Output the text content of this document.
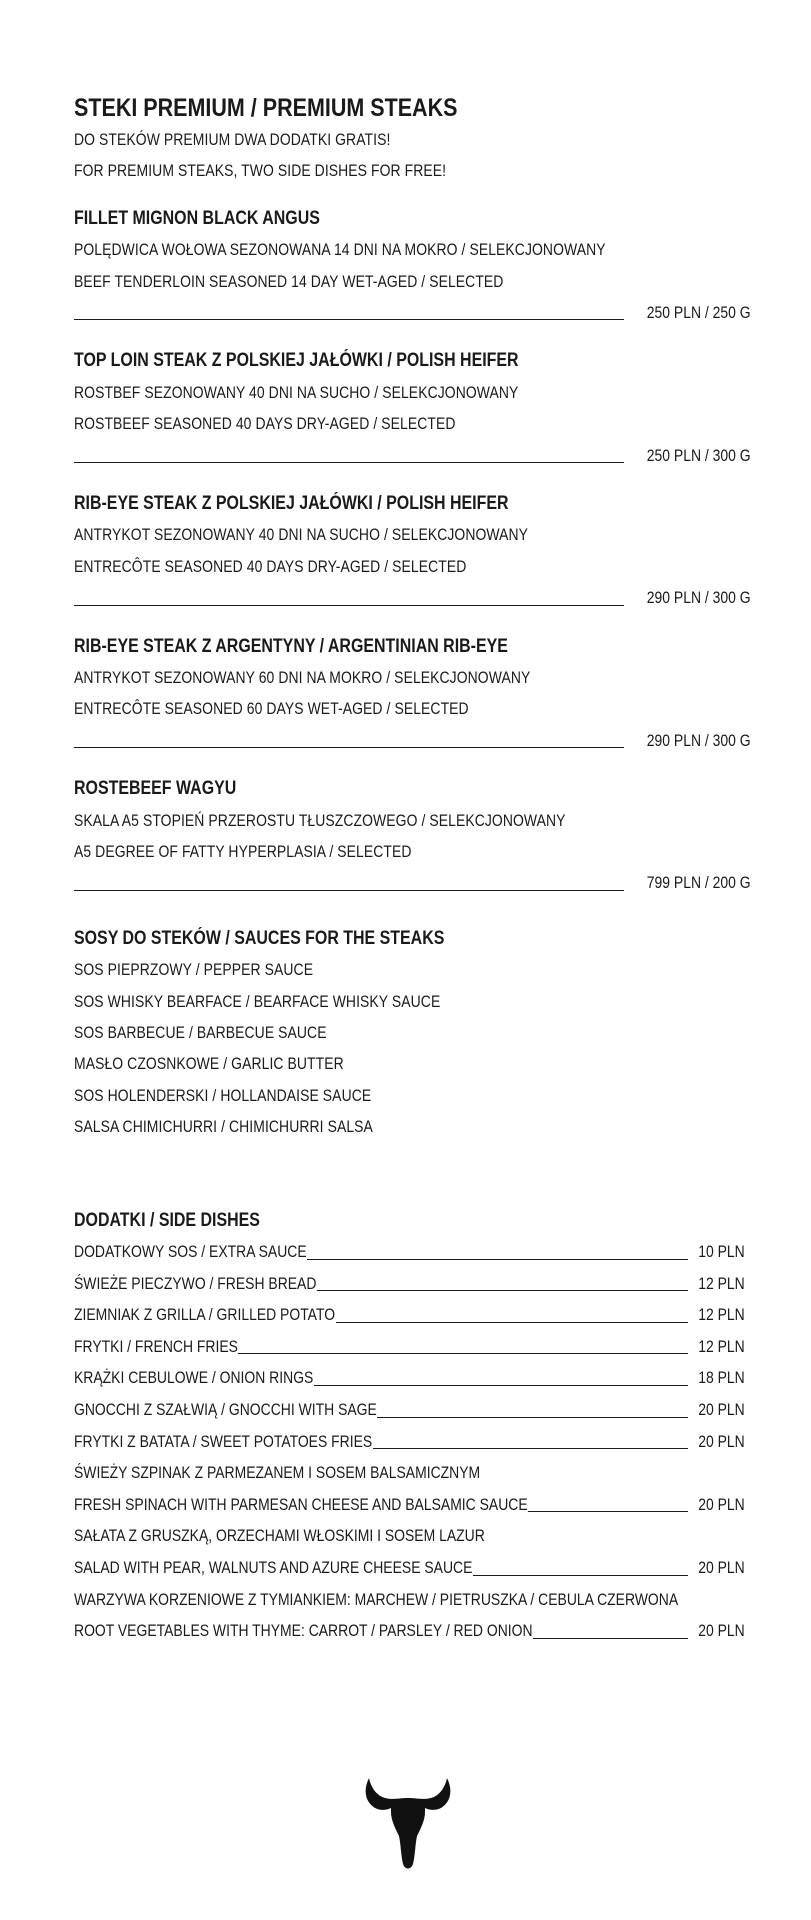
STEKI PREMIUM / PREMIUM STEAKS
DO STEKÓW PREMIUM DWA DODATKI GRATIS!
FOR PREMIUM STEAKS, TWO SIDE DISHES FOR FREE!
FILLET MIGNON BLACK ANGUS
POLĘDWICA WOŁOWA SEZONOWANA 14 DNI NA MOKRO / SELEKCJONOWANY
BEEF TENDERLOIN SEASONED 14 DAY WET-AGED / SELECTED
250 PLN / 250 G
TOP LOIN STEAK Z POLSKIEJ JAŁÓWKI / POLISH HEIFER
ROSTBEF SEZONOWANY 40 DNI NA SUCHO / SELEKCJONOWANY
ROSTBEEF SEASONED 40 DAYS DRY-AGED / SELECTED
250 PLN / 300 G
RIB-EYE STEAK Z POLSKIEJ JAŁÓWKI / POLISH HEIFER
ANTRYKOT SEZONOWANY 40 DNI NA SUCHO / SELEKCJONOWANY
ENTRECÔTE SEASONED 40 DAYS DRY-AGED / SELECTED
290 PLN / 300 G
RIB-EYE STEAK Z ARGENTYNY / ARGENTINIAN RIB-EYE
ANTRYKOT SEZONOWANY 60 DNI NA MOKRO / SELEKCJONOWANY
ENTRECÔTE SEASONED 60 DAYS WET-AGED / SELECTED
290 PLN / 300 G
ROSTEBEEF WAGYU
SKALA A5 STOPIEŃ PRZEROSTU TŁUSZCZOWEGO / SELEKCJONOWANY
A5 DEGREE OF FATTY HYPERPLASIA / SELECTED
799 PLN / 200 G
SOSY DO STEKÓW / SAUCES FOR THE STEAKS
SOS PIEPRZOWY / PEPPER SAUCE
SOS WHISKY BEARFACE / BEARFACE WHISKY SAUCE
SOS BARBECUE / BARBECUE SAUCE
MASŁO CZOSNKOWE / GARLIC BUTTER
SOS HOLENDERSKI / HOLLANDAISE SAUCE
SALSA CHIMICHURRI / CHIMICHURRI SALSA
DODATKI / SIDE DISHES
DODATKOWY SOS / EXTRA SAUCE	10 PLN
ŚWIEŻE PIECZYWO / FRESH BREAD	12 PLN
ZIEMNIAK Z GRILLA / GRILLED POTATO	12 PLN
FRYTKI / FRENCH FRIES	12 PLN
KRĄŻKI CEBULOWE / ONION RINGS	18 PLN
GNOCCHI Z SZAŁWIĄ / GNOCCHI WITH SAGE	20 PLN
FRYTKI Z BATATA / SWEET POTATOES FRIES	20 PLN
ŚWIEŻY SZPINAK Z PARMEZANEM I SOSEM BALSAMICZNYM
FRESH SPINACH WITH PARMESAN CHEESE AND BALSAMIC SAUCE	20 PLN
SAŁATA Z GRUSZKĄ, ORZECHAMI WŁOSKIMI I SOSEM LAZUR
SALAD WITH PEAR, WALNUTS AND AZURE CHEESE SAUCE	20 PLN
WARZYWA KORZENIOWE Z TYMIANKIEM: MARCHEW / PIETRUSZKA / CEBULA CZERWONA
ROOT VEGETABLES WITH THYME: CARROT / PARSLEY / RED ONION	20 PLN
